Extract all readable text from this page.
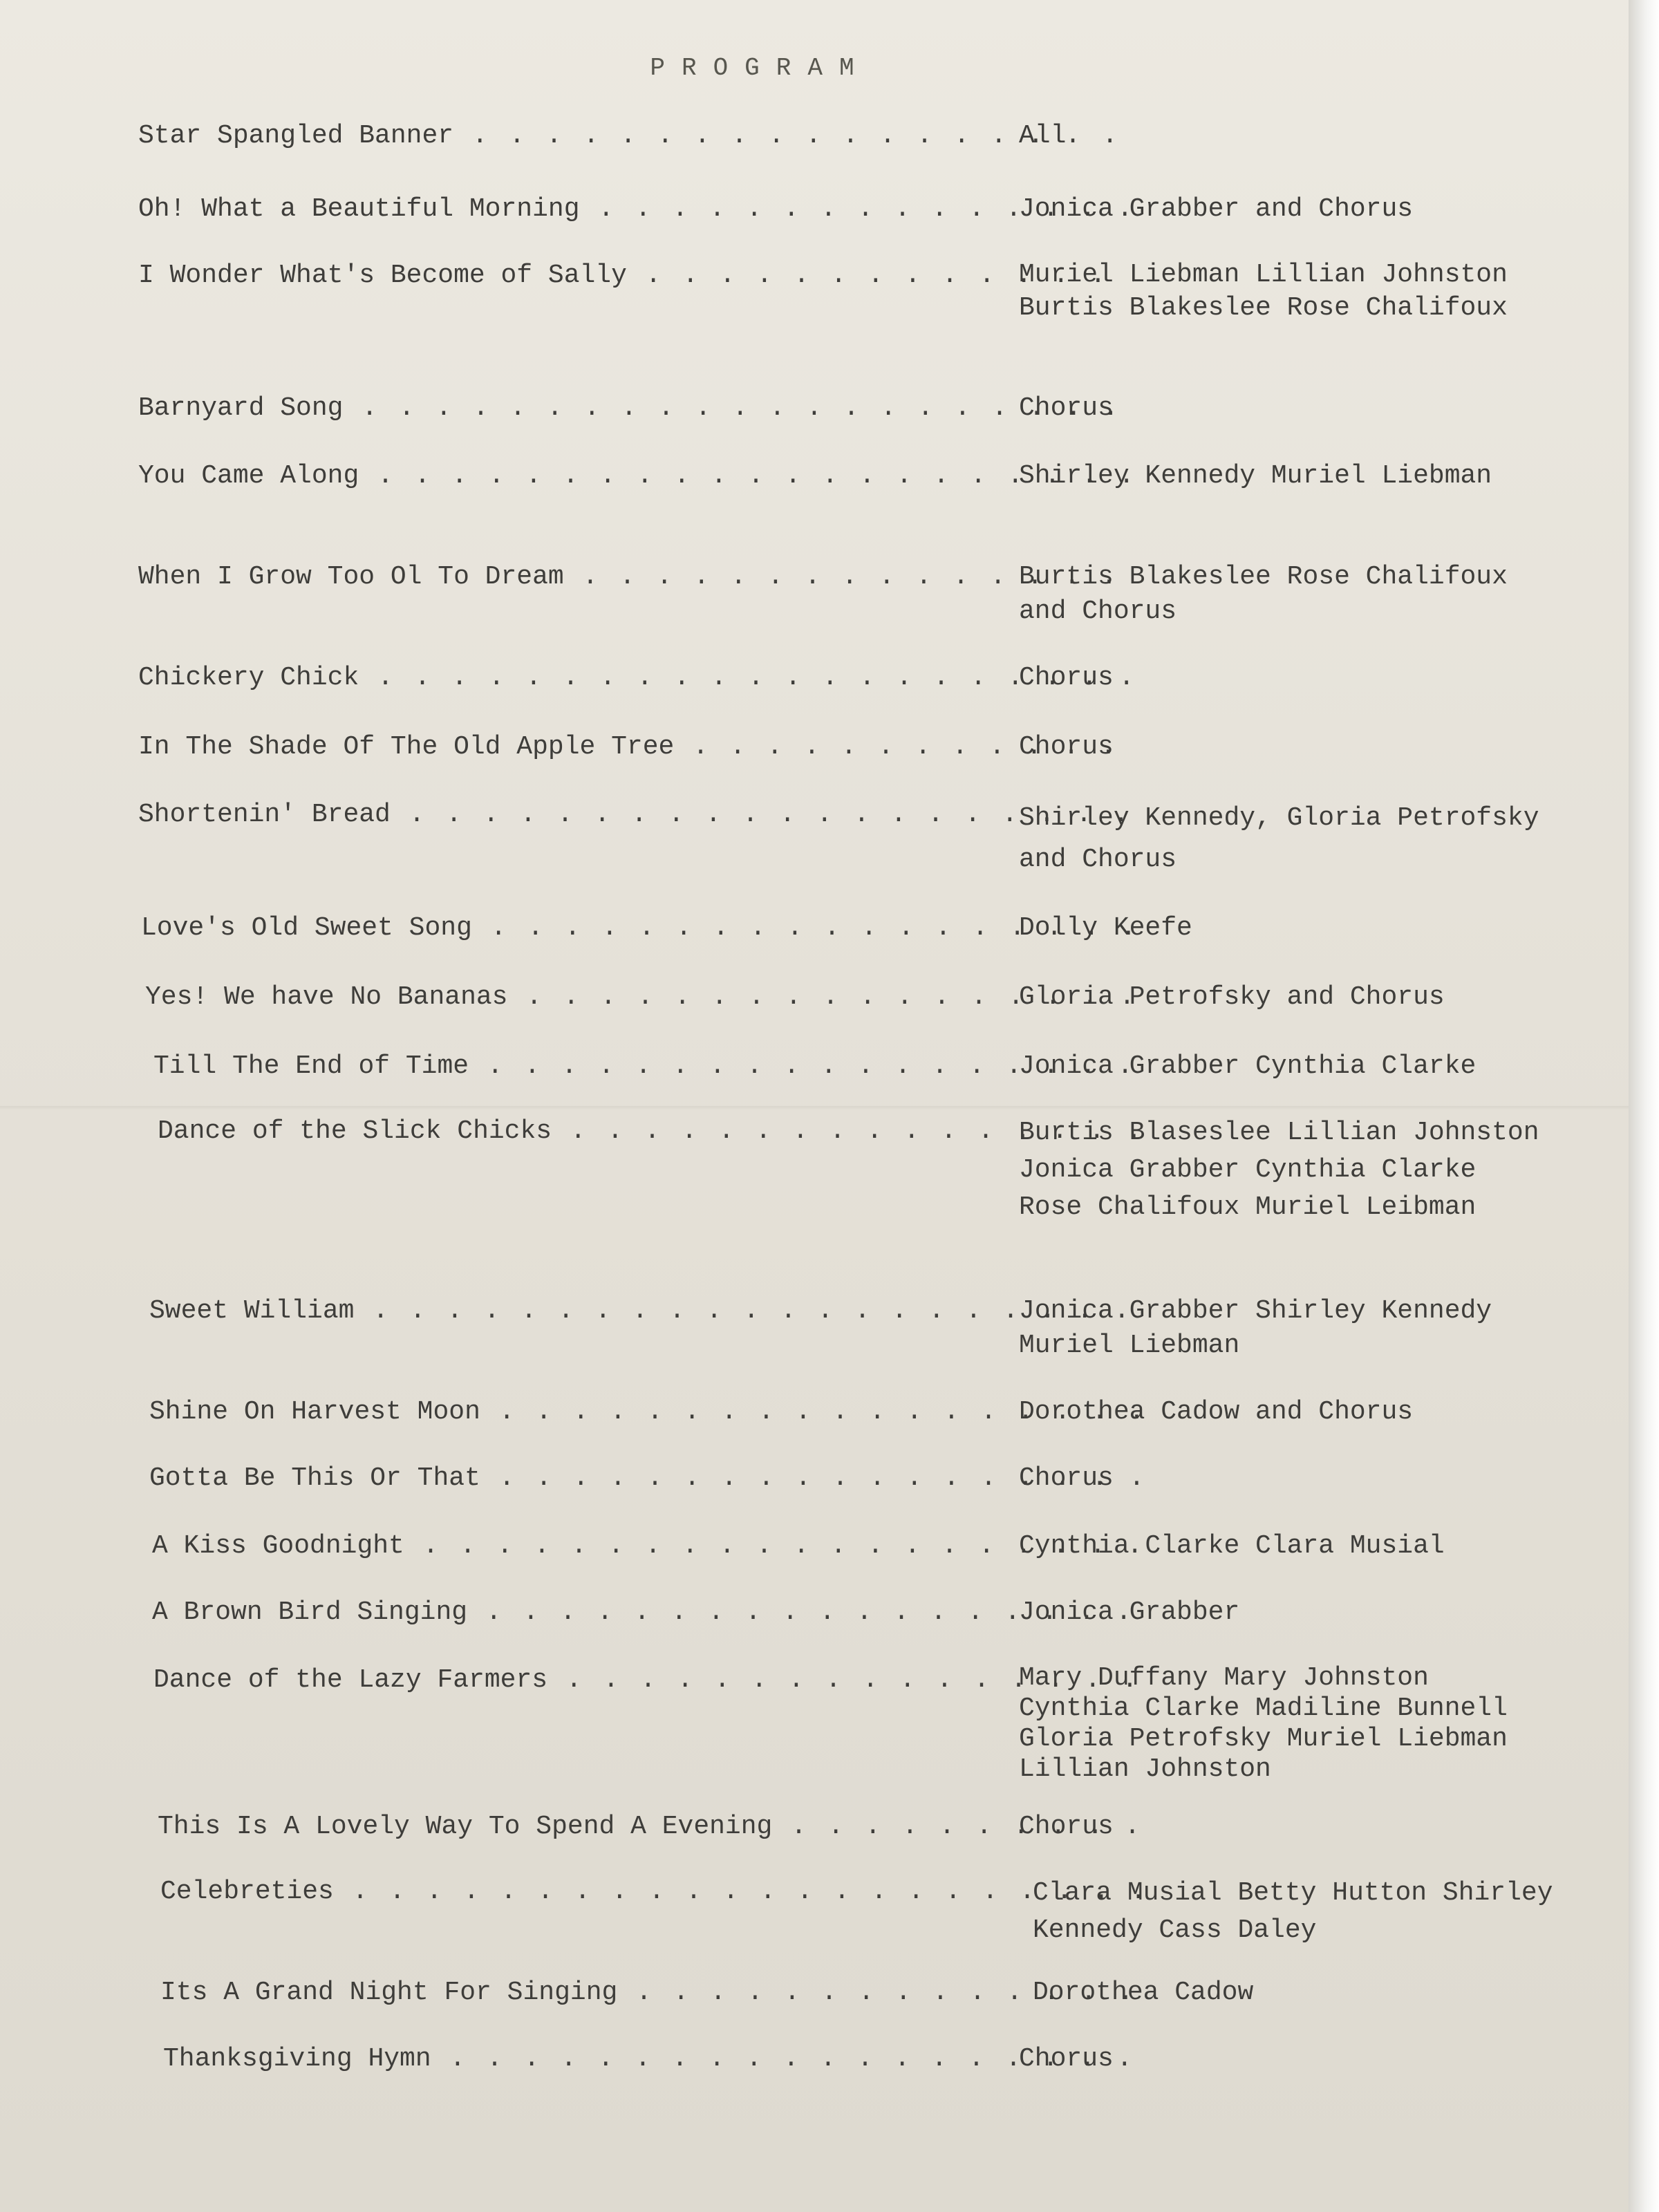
PROGRAM
Star Spangled Banner . . .	All
Oh! What a Beautiful Morning . . .	Jonica Grabber and Chorus
I Wonder What's Become of Sally . . .	Muriel Liebman Lillian Johnston Burtis Blakeslee Rose Chalifoux
Barnyard Song . . .	Chorus
You Came Along . . .	Shirley Kennedy Muriel Liebman
When I Grow Too Ol To Dream . . .	Burtis Blakeslee Rose Chalifoux and Chorus
Chickery Chick . . .	Chorus
In The Shade Of The Old Apple Tree . . .	Chorus
Shortenin' Bread . . .	Shirley Kennedy, Gloria Petrofsky and Chorus
Love's Old Sweet Song . . .	Dolly Keefe
Yes! We have No Bananas . . .	Gloria Petrofsky and Chorus
Till The End of Time . . .	Jonica Grabber Cynthia Clarke
Dance of the Slick Chicks . . .	Burtis Blaseslee Lillian Johnston Jonica Grabber Cynthia Clarke Rose Chalifoux Muriel Leibman
Sweet William . . .	Jonica Grabber Shirley Kennedy Muriel Liebman
Shine On Harvest Moon . . .	Dorothea Cadow and Chorus
Gotta Be This Or That . . .	Chorus
A Kiss Goodnight . . .	Cynthia Clarke Clara Musial
A Brown Bird Singing . . .	Jonica Grabber
Dance of the Lazy Farmers . . .	Mary Duffany Mary Johnston Cynthia Clarke Madiline Bunnell Gloria Petrofsky Muriel Liebman Lillian Johnston
This Is A Lovely Way To Spend A Evening . . .	Chorus
Celebreties . . .	Clara Musial Betty Hutton Shirley Kennedy Cass Daley
Its A Grand Night For Singing . . .	Dorothea Cadow
Thanksgiving Hymn . . .	Chorus
